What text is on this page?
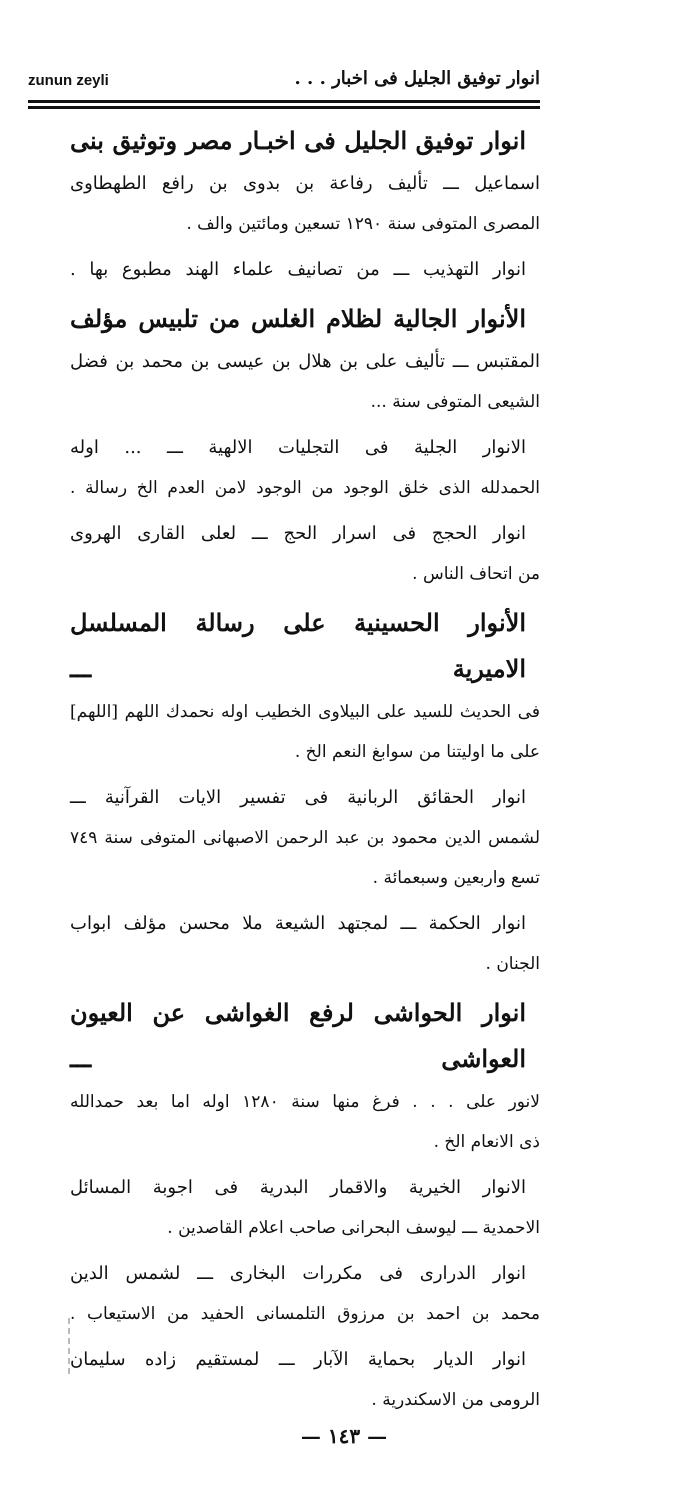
zunun zeyli	انوار توفيق الجليل فى اخبار . . .
انوار توفيق الجليل فى اخبـار مصر وتوثيق بنى
اسماعيل ـــ تأليف رفاعة بن بدوى بن رافع الطهطاوى
المصرى المتوفى سنة ١٢٩٠ تسعين ومائتين والف .
انوار التهذيب ـــ من تصانيف علماء الهند مطبوع بها .
الأنوار الجالية لظلام الغلس من تلبيس مؤلف
المقتبس ـــ تأليف على بن هلال بن عيسى بن محمد بن فضل
الشيعى المتوفى سنة ...
الانوار الجلية فى التجليات الالهية ـــ ... اوله
الحمدلله الذى خلق الوجود من الوجود لامن العدم الخ رسالة .
انوار الحجج فى اسرار الحج ـــ لعلى القارى الهروى
من اتحاف الناس .
الأنوار الحسينية على رسالة المسلسل الاميرية ـــ
فى الحديث للسيد على البيلاوى الخطيب اوله نحمدك اللهم [اللهم]
على ما اوليتنا من سوابغ النعم الخ .
انوار الحقائق الربانية فى تفسير الايات القرآنية ـــ
لشمس الدين محمود بن عبد الرحمن الاصبهانى المتوفى سنة ٧٤٩
تسع واربعين وسبعمائة .
انوار الحكمة ـــ لمجتهد الشيعة ملا محسن مؤلف ابواب
الجنان .
انوار الحواشى لرفع الغواشى عن العيون العواشى ـــ
لانور على . . . فرغ منها سنة ١٢٨٠ اوله اما بعد حمدالله
ذى الانعام الخ .
الانوار الخيرية والاقمار البدرية فى اجوبة المسائل
الاحمدية ـــ ليوسف البحرانى صاحب اعلام القاصدين .
انوار الدرارى فى مكررات البخارى ـــ لشمس الدين
محمد بن احمد بن مرزوق التلمسانى الحفيد من الاستيعاب .
انوار الديار بحماية الآبار ـــ لمستقيم زاده سليمان
الرومى من الاسكندرية .
— ١٤٣ —
